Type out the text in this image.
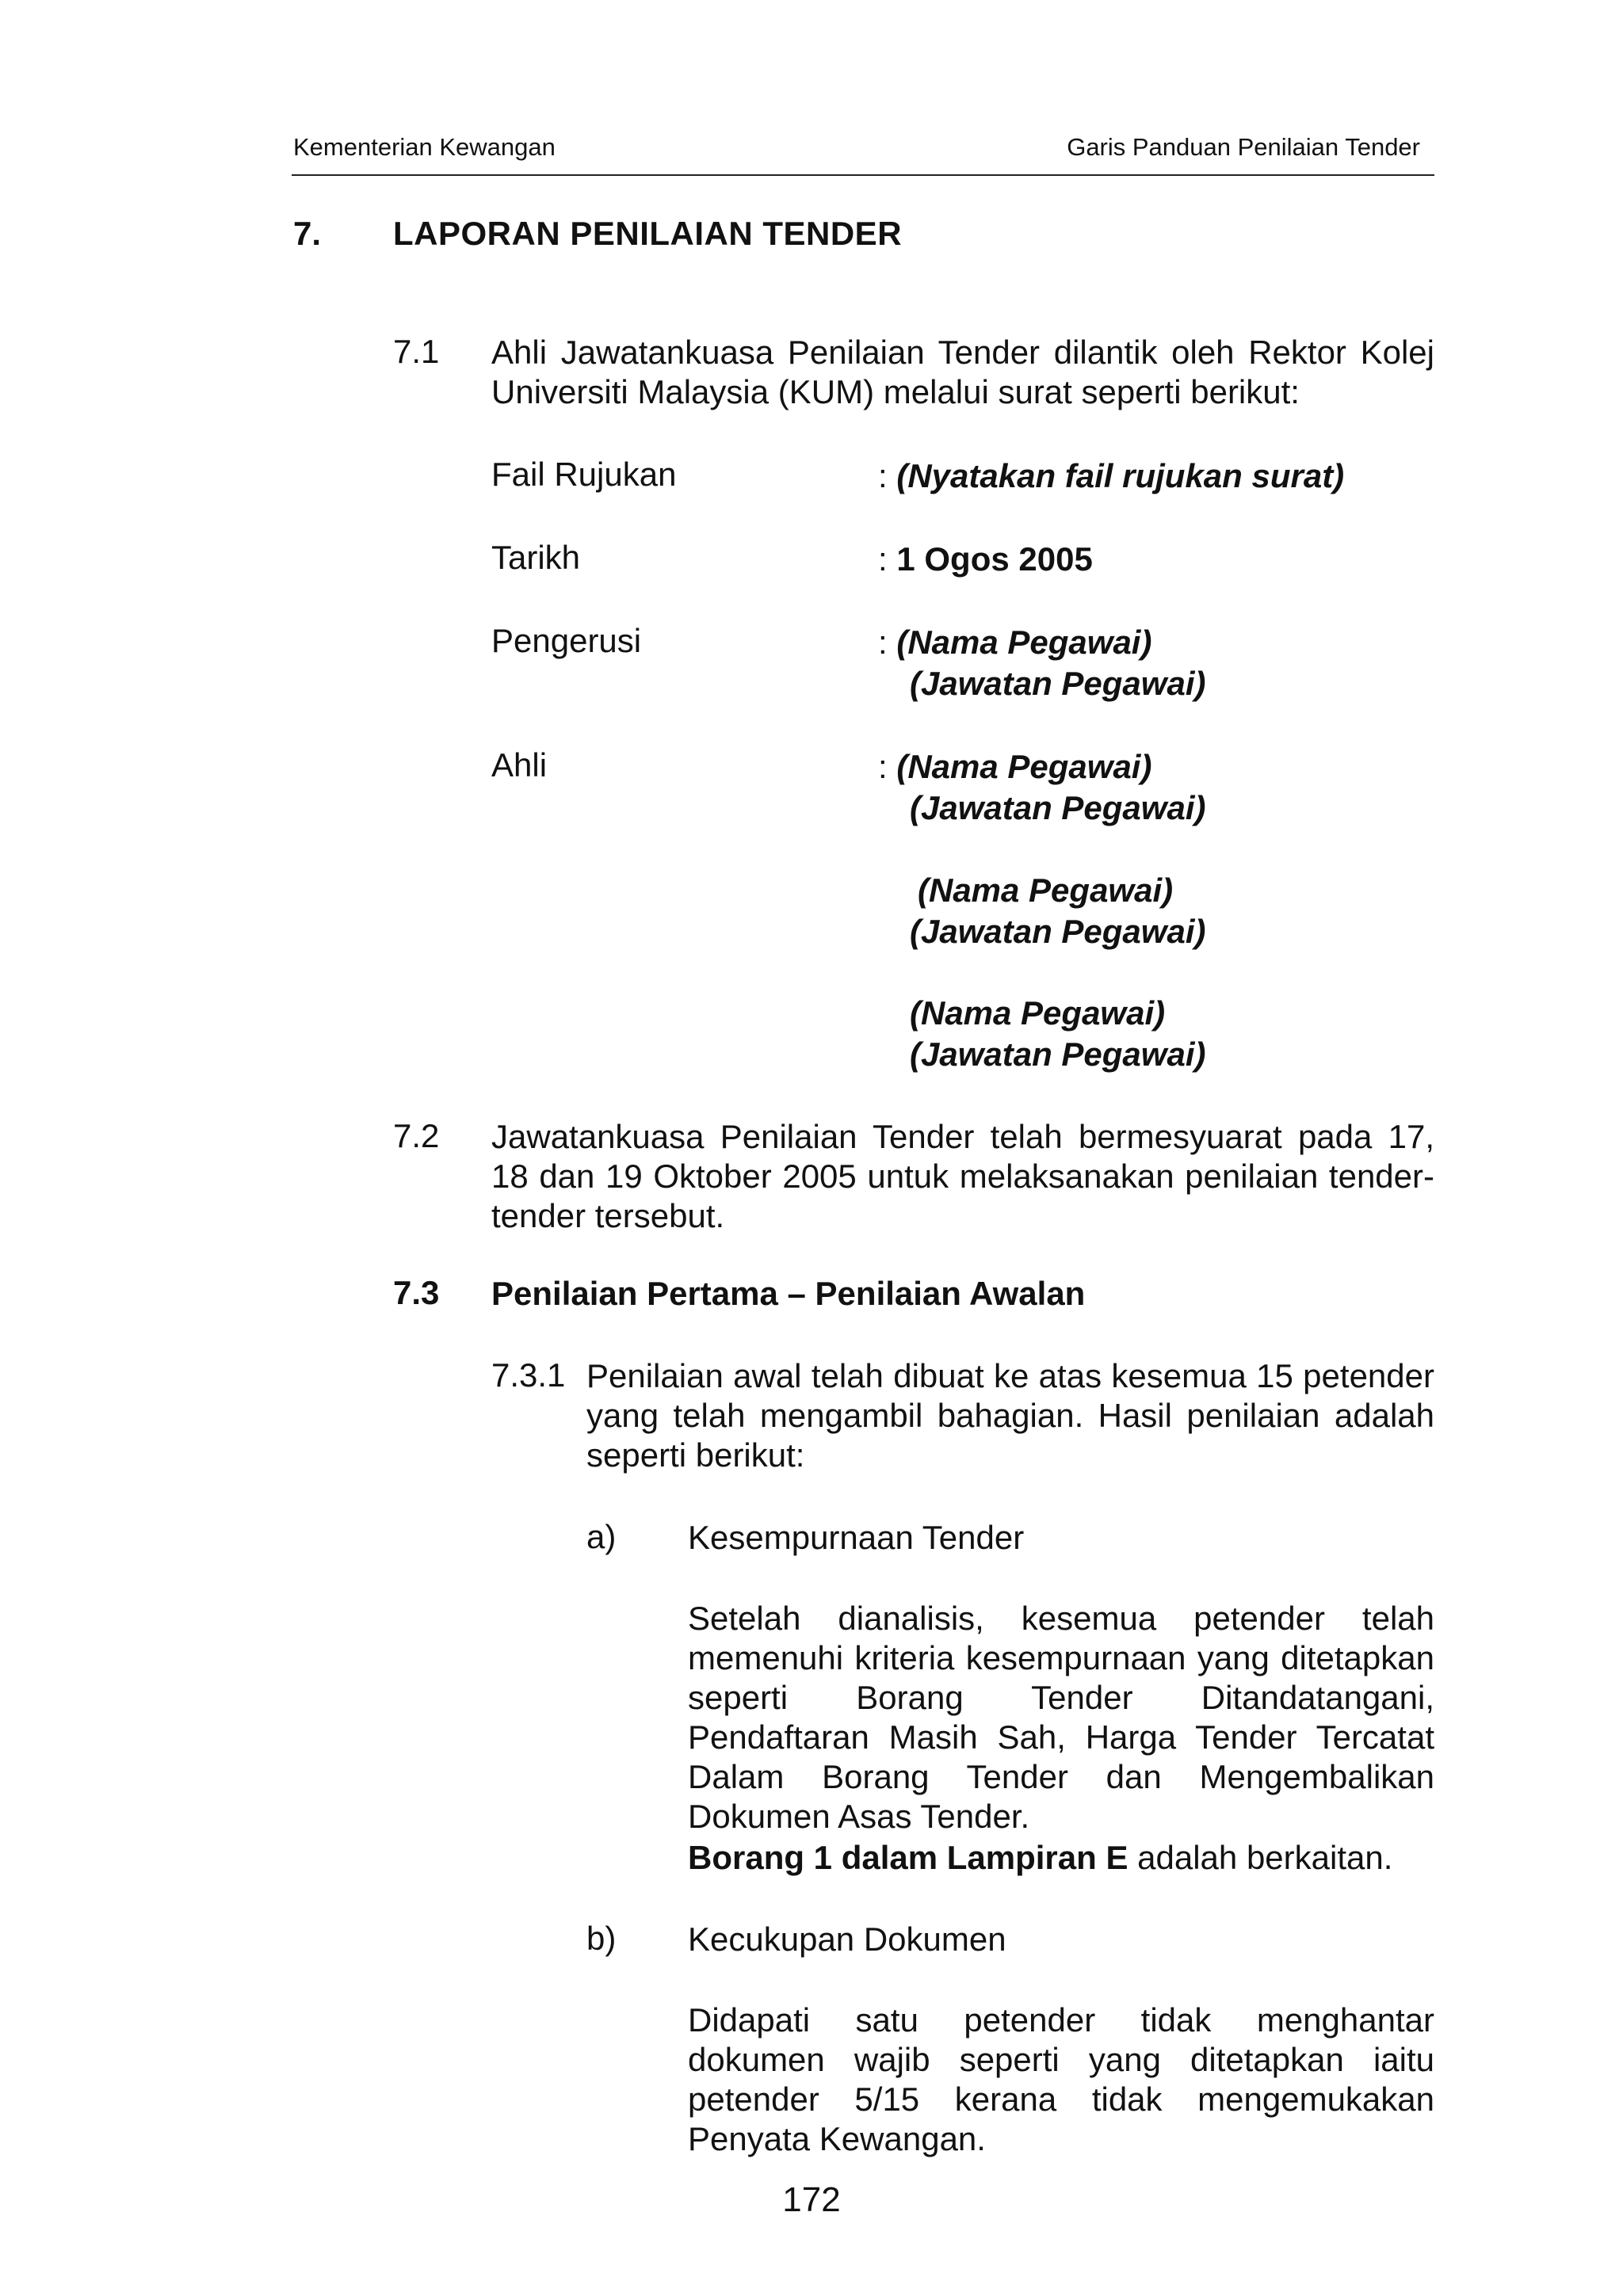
Kementerian Kewangan	Garis Panduan Penilaian Tender
7. LAPORAN PENILAIAN TENDER
7.1 Ahli Jawatankuasa Penilaian Tender dilantik oleh Rektor Kolej Universiti Malaysia (KUM) melalui surat seperti berikut:
Fail Rujukan	: (Nyatakan fail rujukan surat)
Tarikh	: 1 Ogos 2005
Pengerusi	: (Nama Pegawai)
(Jawatan Pegawai)
Ahli	: (Nama Pegawai)
(Jawatan Pegawai)
(Nama Pegawai)
(Jawatan Pegawai)
(Nama Pegawai)
(Jawatan Pegawai)
7.2 Jawatankuasa Penilaian Tender telah bermesyuarat pada 17, 18 dan 19 Oktober 2005 untuk melaksanakan penilaian tender-tender tersebut.
7.3 Penilaian Pertama – Penilaian Awalan
7.3.1 Penilaian awal telah dibuat ke atas kesemua 15 petender yang telah mengambil bahagian. Hasil penilaian adalah seperti berikut:
a) Kesempurnaan Tender
Setelah dianalisis, kesemua petender telah memenuhi kriteria kesempurnaan yang ditetapkan seperti Borang Tender Ditandatangani, Pendaftaran Masih Sah, Harga Tender Tercatat Dalam Borang Tender dan Mengembalikan Dokumen Asas Tender.
Borang 1 dalam Lampiran E adalah berkaitan.
b) Kecukupan Dokumen
Didapati satu petender tidak menghantar dokumen wajib seperti yang ditetapkan iaitu petender 5/15 kerana tidak mengemukakan Penyata Kewangan.
172
